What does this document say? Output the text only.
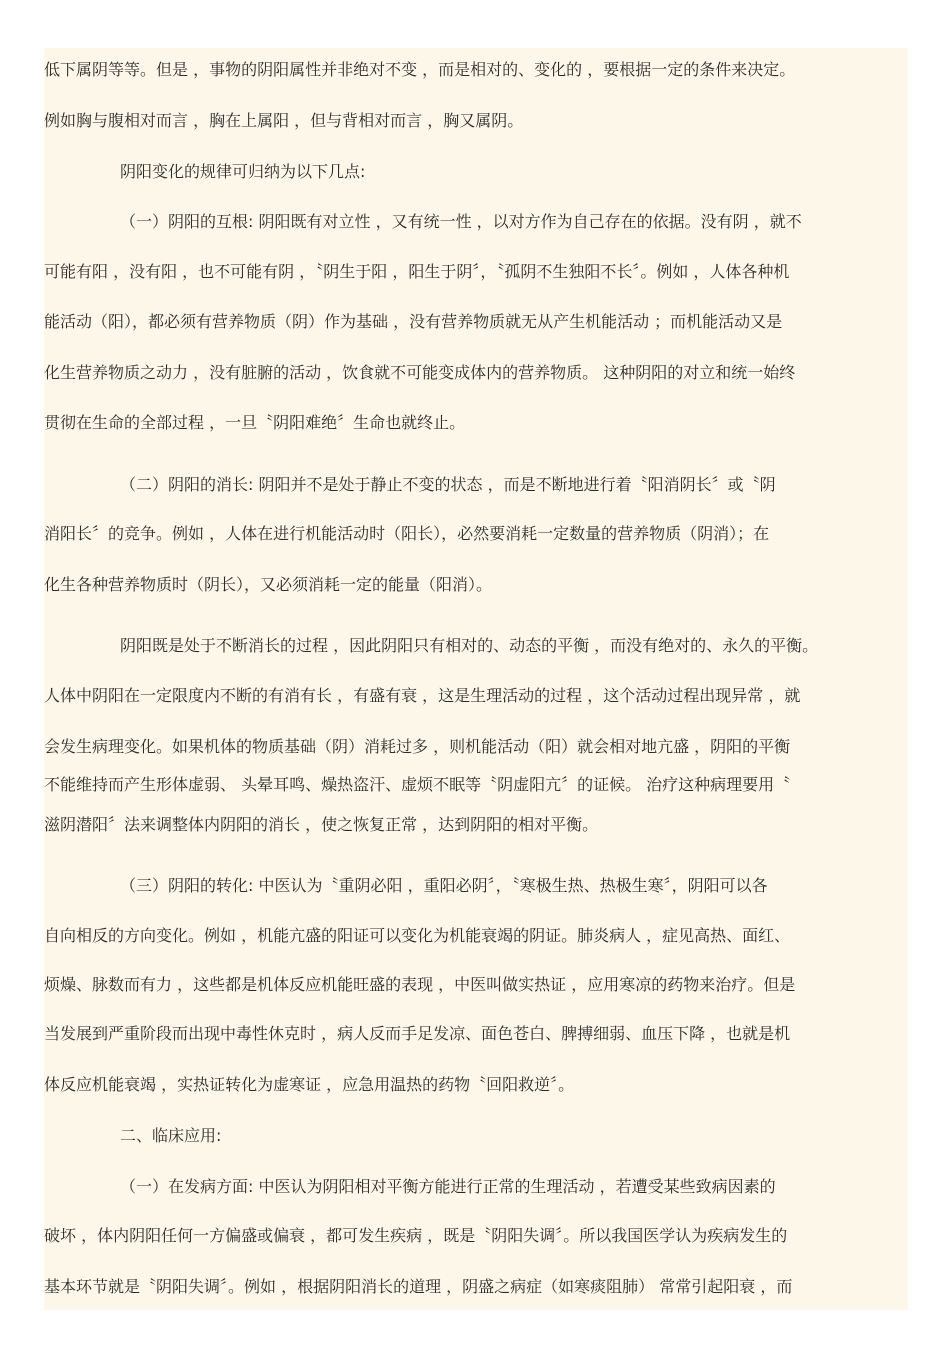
低下属阴等等。但是 ，事物的阴阳属性并非绝对不变 ，而是相对的、变化的 ，要根据一定的条件来决定。
例如胸与腹相对而言 ，胸在上属阳 ，但与背相对而言 ，胸又属阴。
阴阳变化的规律可归纳为以下几点:
（一）阴阳的互根: 阴阳既有对立性 ，又有统一性 ，以对方作为自己存在的依据。没有阴 ，就不
可能有阳 ，没有阳 ，也不可能有阴 ，〝阴生于阳 ，阳生于阴〞，〝孤阴不生独阳不长〞。例如 ，人体各种机
能活动（阳），都必须有营养物质（阴）作为基础 ，没有营养物质就无从产生机能活动 ；而机能活动又是
化生营养物质之动力 ，没有脏腑的活动 ，饮食就不可能变成体内的营养物质。 这种阴阳的对立和统一始终
贯彻在生命的全部过程 ，一旦〝阴阳难绝〞生命也就终止。
（二）阴阳的消长: 阴阳并不是处于静止不变的状态 ，而是不断地进行着〝阳消阴长〞或〝阴
消阳长〞的竞争。例如 ，人体在进行机能活动时（阳长），必然要消耗一定数量的营养物质（阴消）；在
化生各种营养物质时（阴长），又必须消耗一定的能量（阳消）。
阴阳既是处于不断消长的过程 ，因此阴阳只有相对的、动态的平衡 ，而没有绝对的、永久的平衡。
人体中阴阳在一定限度内不断的有消有长 ，有盛有衰 ，这是生理活动的过程 ，这个活动过程出现异常 ，就
会发生病理变化。如果机体的物质基础（阴）消耗过多 ，则机能活动（阳）就会相对地亢盛 ，阴阳的平衡
不能维持而产生形体虚弱、 头晕耳鸣、燥热盗汗、虚烦不眠等〝阴虚阳亢〞的证候。 治疗这种病理要用〝
滋阴潜阳〞法来调整体内阴阳的消长 ，使之恢复正常 ，达到阴阳的相对平衡。
（三）阴阳的转化: 中医认为〝重阴必阳 ，重阳必阴〞，〝寒极生热、热极生寒〞，阴阳可以各
自向相反的方向变化。例如 ，机能亢盛的阳证可以变化为机能衰竭的阴证。肺炎病人 ，症见高热、面红、
烦燥、脉数而有力 ，这些都是机体反应机能旺盛的表现 ，中医叫做实热证 ，应用寒凉的药物来治疗。但是
当发展到严重阶段而出现中毒性休克时 ，病人反而手足发凉、面色苍白、脾搏细弱、血压下降 ，也就是机
体反应机能衰竭 ，实热证转化为虚寒证 ，应急用温热的药物〝回阳救逆〞。
二、临床应用:
（一）在发病方面: 中医认为阴阳相对平衡方能进行正常的生理活动 ，若遭受某些致病因素的
破坏 ，体内阴阳任何一方偏盛或偏衰 ，都可发生疾病 ，既是〝阴阳失调〞。所以我国医学认为疾病发生的
基本环节就是〝阴阳失调〞。例如 ，根据阴阳消长的道理 ，阴盛之病症（如寒痰阻肺） 常常引起阳衰 ，而
